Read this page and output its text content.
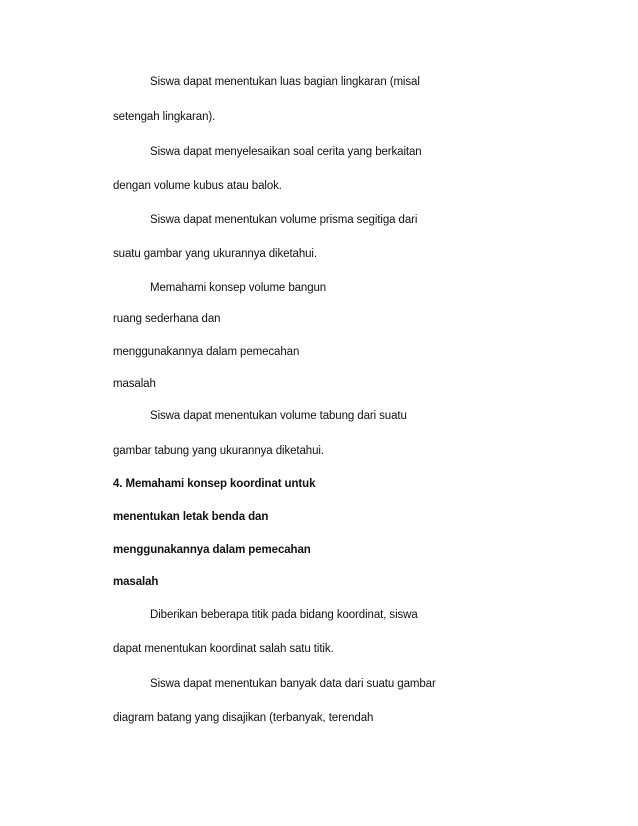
Siswa dapat menentukan luas bagian lingkaran (misal
setengah lingkaran).
Siswa dapat menyelesaikan soal cerita yang berkaitan
dengan volume kubus atau balok.
Siswa dapat menentukan volume prisma segitiga dari
suatu gambar yang ukurannya diketahui.
Memahami konsep volume bangun
ruang sederhana dan
menggunakannya dalam pemecahan
masalah
Siswa dapat menentukan volume tabung dari suatu
gambar tabung yang ukurannya diketahui.
4. Memahami konsep koordinat untuk
menentukan letak benda dan
menggunakannya dalam pemecahan
masalah
Diberikan beberapa titik pada bidang koordinat, siswa
dapat menentukan koordinat salah satu titik.
Siswa dapat menentukan banyak data dari suatu gambar
diagram batang yang disajikan (terbanyak, terendah
